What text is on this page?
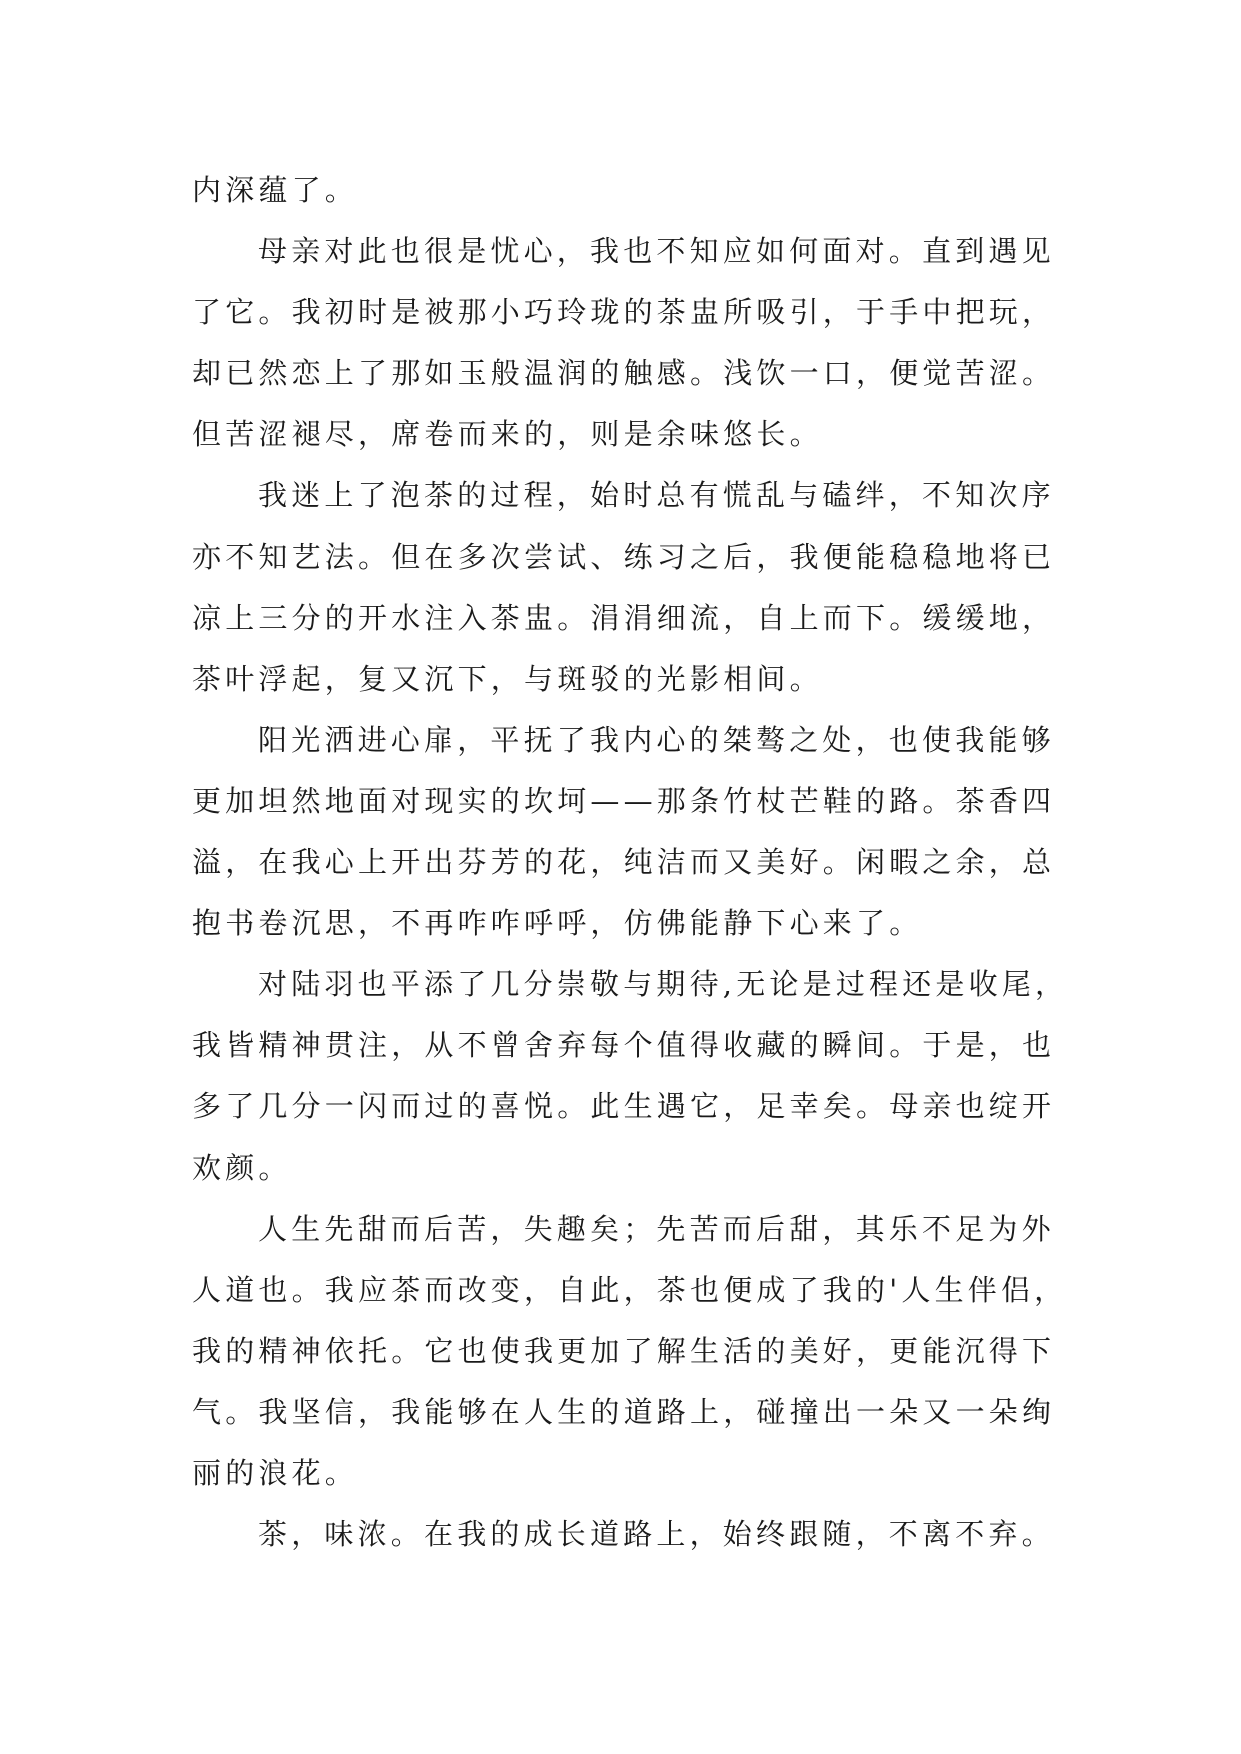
内深蕴了。
母亲对此也很是忧心，我也不知应如何面对。直到遇见
了它。我初时是被那小巧玲珑的茶盅所吸引，于手中把玩，
却已然恋上了那如玉般温润的触感。浅饮一口，便觉苦涩。
但苦涩褪尽，席卷而来的，则是余味悠长。
我迷上了泡茶的过程，始时总有慌乱与磕绊，不知次序
亦不知艺法。但在多次尝试、练习之后，我便能稳稳地将已
凉上三分的开水注入茶盅。涓涓细流，自上而下。缓缓地，
茶叶浮起，复又沉下，与斑驳的光影相间。
阳光洒进心扉，平抚了我内心的桀骜之处，也使我能够
更加坦然地面对现实的坎坷——那条竹杖芒鞋的路。茶香四
溢，在我心上开出芬芳的花，纯洁而又美好。闲暇之余，总
抱书卷沉思，不再咋咋呼呼，仿佛能静下心来了。
对陆羽也平添了几分崇敬与期待,无论是过程还是收尾，
我皆精神贯注，从不曾舍弃每个值得收藏的瞬间。于是，也
多了几分一闪而过的喜悦。此生遇它，足幸矣。母亲也绽开
欢颜。
人生先甜而后苦，失趣矣；先苦而后甜，其乐不足为外
人道也。我应茶而改变，自此，茶也便成了我的'人生伴侣，
我的精神依托。它也使我更加了解生活的美好，更能沉得下
气。我坚信，我能够在人生的道路上，碰撞出一朵又一朵绚
丽的浪花。
茶，味浓。在我的成长道路上，始终跟随，不离不弃。
